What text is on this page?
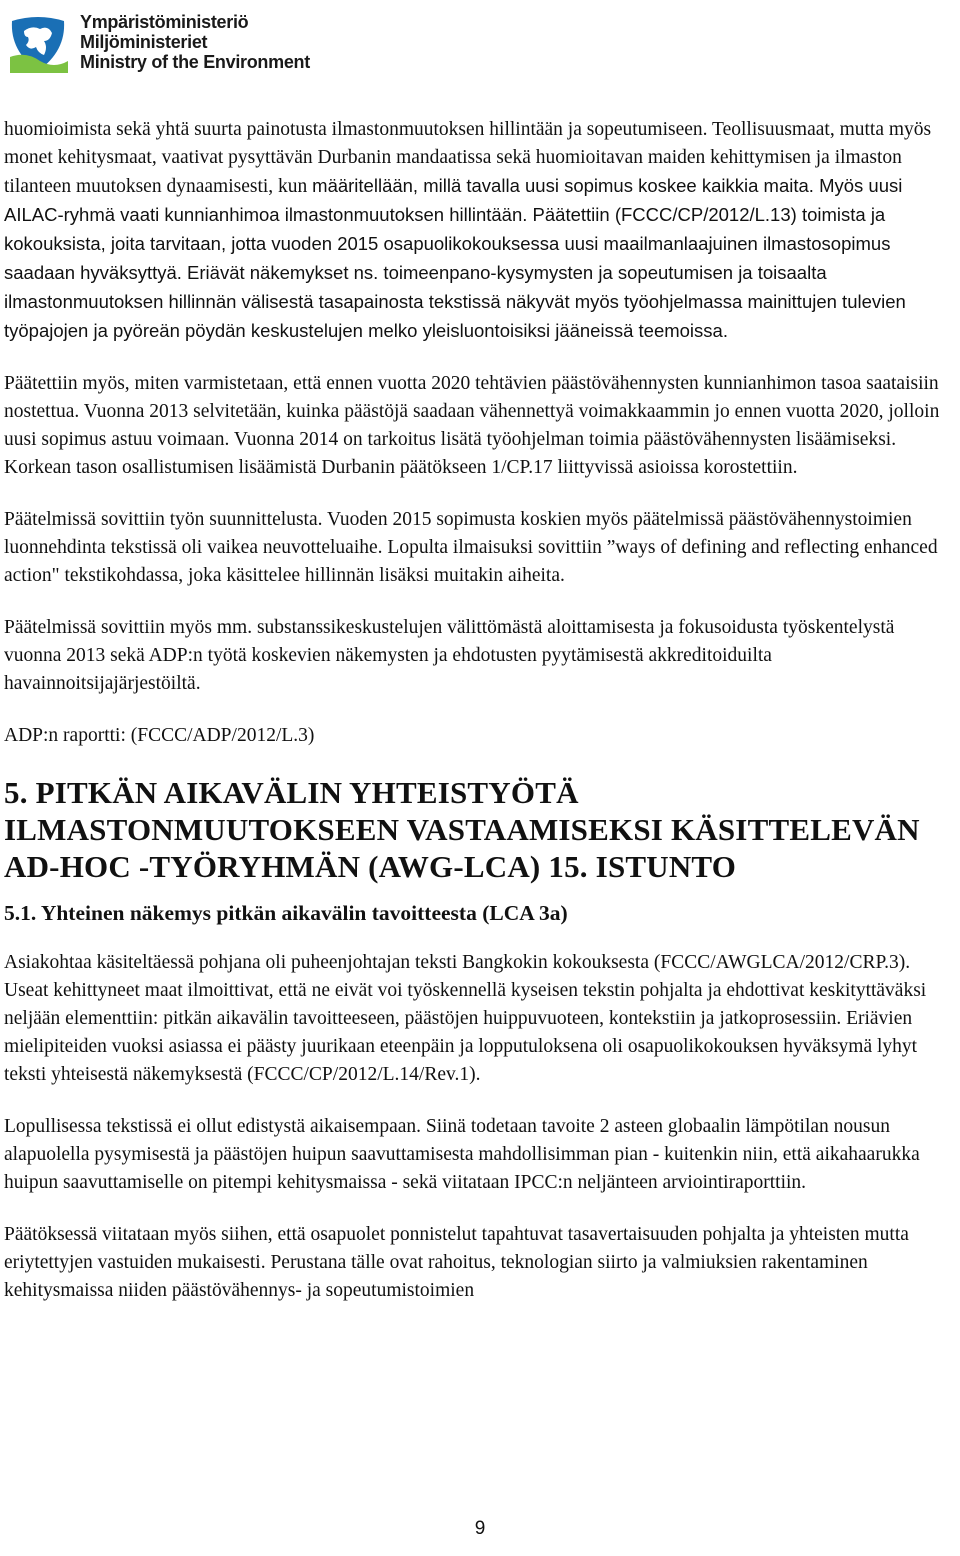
Ympäristöministeriö
Miljöministeriet
Ministry of the Environment

huomioimista sekä yhtä suurta painotusta ilmastonmuutoksen hillintään ja sopeutumiseen. Teollisuusmaat, mutta myös monet kehitysmaat, vaativat pysyttävän Durbanin mandaatissa sekä huomioitavan maiden kehittymisen ja ilmaston tilanteen muutoksen dynaamisesti, kun määritellään, millä tavalla uusi sopimus koskee kaikkia maita. Myös uusi AILAC-ryhmä vaati kunnianhimoa ilmastonmuutoksen hillintään. Päätettiin (FCCC/CP/2012/L.13) toimista ja kokouksista, joita tarvitaan, jotta vuoden 2015 osapuolikokouksessa uusi maailmanlaajuinen ilmastosopimus saadaan hyväksyttyä. Eriävät näkemykset ns. toimeenpano-kysymysten ja sopeutumisen ja toisaalta ilmastonmuutoksen hillinnän välisestä tasapainosta tekstissä näkyvät myös työohjelmassa mainittujen tulevien työpajojen ja pyöreän pöydän keskustelujen melko yleisluontoisiksi jääneissä teemoissa.

Päätettiin myös, miten varmistetaan, että ennen vuotta 2020 tehtävien päästövähennysten kunnianhimon tasoa saataisiin nostettua. Vuonna 2013 selvitetään, kuinka päästöjä saadaan vähennettyä voimakkaammin jo ennen vuotta 2020, jolloin uusi sopimus astuu voimaan. Vuonna 2014 on tarkoitus lisätä työohjelman toimia päästövähennysten lisäämiseksi. Korkean tason osallistumisen lisäämistä Durbanin päätökseen 1/CP.17 liittyvissä asioissa korostettiin.

Päätelmissä sovittiin työn suunnittelusta. Vuoden 2015 sopimusta koskien myös päätelmissä päästövähennystoimien luonnehdinta tekstissä oli vaikea neuvotteluaihe. Lopulta ilmaisuksi sovittiin ”ways of defining and reflecting enhanced action" tekstikohdassa, joka käsittelee hillinnän lisäksi muitakin aiheita.

Päätelmissä sovittiin myös mm. substanssikeskustelujen välittömästä aloittamisesta ja fokusoidusta työskentelystä vuonna 2013 sekä ADP:n työtä koskevien näkemysten ja ehdotusten pyytämisestä akkreditoiduilta havainnoitsijajärjestöiltä.

ADP:n raportti: (FCCC/ADP/2012/L.3)

5. PITKÄN AIKAVÄLIN YHTEISTYÖTÄ ILMASTONMUUTOKSEEN VASTAAMISEKSI KÄSITTELEVÄN AD-HOC -TYÖRYHMÄN (AWG-LCA) 15. ISTUNTO
5.1. Yhteinen näkemys pitkän aikavälin tavoitteesta (LCA 3a)

Asiakohtaa käsiteltäessä pohjana oli puheenjohtajan teksti Bangkokin kokouksesta (FCCC/AWGLCA/2012/CRP.3). Useat kehittyneet maat ilmoittivat, että ne eivät voi työskennellä kyseisen tekstin pohjalta ja ehdottivat keskityttäväksi neljään elementtiin: pitkän aikavälin tavoitteeseen, päästöjen huippuvuoteen, kontekstiin ja jatkoprosessiin. Eriävien mielipiteiden vuoksi asiassa ei päästy juurikaan eteenpäin ja lopputuloksena oli osapuolikokouksen hyväksymä lyhyt teksti yhteisestä näkemyksestä (FCCC/CP/2012/L.14/Rev.1).

Lopullisessa tekstissä ei ollut edistystä aikaisempaan. Siinä todetaan tavoite 2 asteen globaalin lämpötilan nousun alapuolella pysymisestä ja päästöjen huipun saavuttamisesta mahdollisimman pian - kuitenkin niin, että aikahaarukka huipun saavuttamiselle on pitempi kehitysmaissa - sekä viitataan IPCC:n neljänteen arviointiraporttiin.

Päätöksessä viitataan myös siihen, että osapuolet ponnistelut tapahtuvat tasavertaisuuden pohjalta ja yhteisten mutta eriytettyjen vastuiden mukaisesti. Perustana tälle ovat rahoitus, teknologian siirto ja valmiuksien rakentaminen kehitysmaissa niiden päästövähennys- ja sopeutumistoimien

9
